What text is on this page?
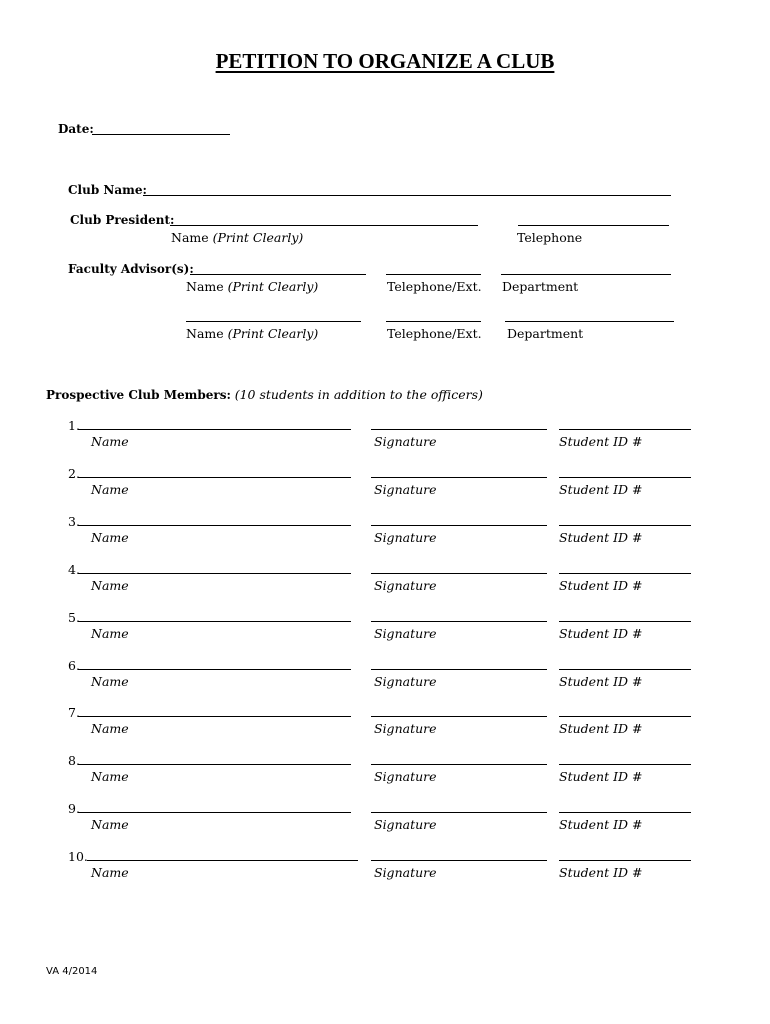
PETITION TO ORGANIZE A CLUB
Date:
Club Name:
Club President:
Name (Print Clearly)	Telephone
Faculty Advisor(s):
Name (Print Clearly)	Telephone/Ext. Department
Name (Print Clearly)	Telephone/Ext. Department
Prospective Club Members: (10 students in addition to the officers)
1.
Name	Signature	Student ID #
2.
Name	Signature	Student ID #
3.
Name	Signature	Student ID #
4.
Name	Signature	Student ID #
5.
Name	Signature	Student ID #
6.
Name	Signature	Student ID #
7.
Name	Signature	Student ID #
8.
Name	Signature	Student ID #
9.
Name	Signature	Student ID #
10.
Name	Signature	Student ID #
VA 4/2014
